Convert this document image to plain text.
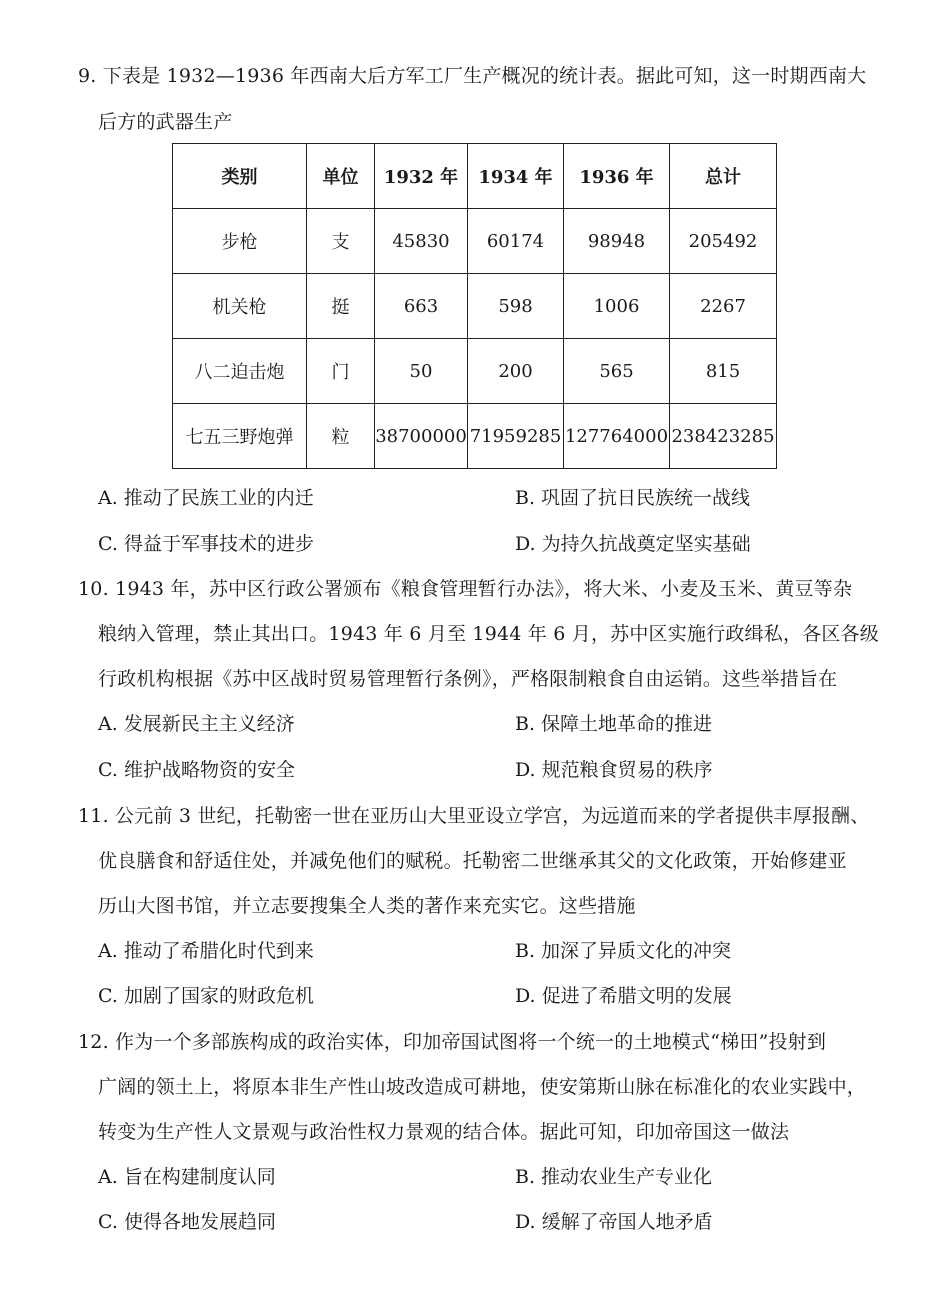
9. 下表是 1932—1936 年西南大后方军工厂生产概况的统计表。据此可知，这一时期西南大
后方的武器生产
类别	单位	1932 年	1934 年	1936 年	总计
步枪	支	45830	60174	98948	205492
机关枪	挺	663	598	1006	2267
八二迫击炮	门	50	200	565	815
七五三野炮弹	粒	38700000	71959285	127764000	238423285
A. 推动了民族工业的内迁	B. 巩固了抗日民族统一战线
C. 得益于军事技术的进步	D. 为持久抗战奠定坚实基础
10. 1943 年，苏中区行政公署颁布《粮食管理暂行办法》，将大米、小麦及玉米、黄豆等杂
粮纳入管理，禁止其出口。1943 年 6 月至 1944 年 6 月，苏中区实施行政缉私，各区各级
行政机构根据《苏中区战时贸易管理暂行条例》，严格限制粮食自由运销。这些举措旨在
A. 发展新民主主义经济	B. 保障土地革命的推进
C. 维护战略物资的安全	D. 规范粮食贸易的秩序
11. 公元前 3 世纪，托勒密一世在亚历山大里亚设立学宫，为远道而来的学者提供丰厚报酬、
优良膳食和舒适住处，并减免他们的赋税。托勒密二世继承其父的文化政策，开始修建亚
历山大图书馆，并立志要搜集全人类的著作来充实它。这些措施
A. 推动了希腊化时代到来	B. 加深了异质文化的冲突
C. 加剧了国家的财政危机	D. 促进了希腊文明的发展
12. 作为一个多部族构成的政治实体，印加帝国试图将一个统一的土地模式“梯田”投射到
广阔的领土上，将原本非生产性山坡改造成可耕地，使安第斯山脉在标准化的农业实践中，
转变为生产性人文景观与政治性权力景观的结合体。据此可知，印加帝国这一做法
A. 旨在构建制度认同	B. 推动农业生产专业化
C. 使得各地发展趋同	D. 缓解了帝国人地矛盾
